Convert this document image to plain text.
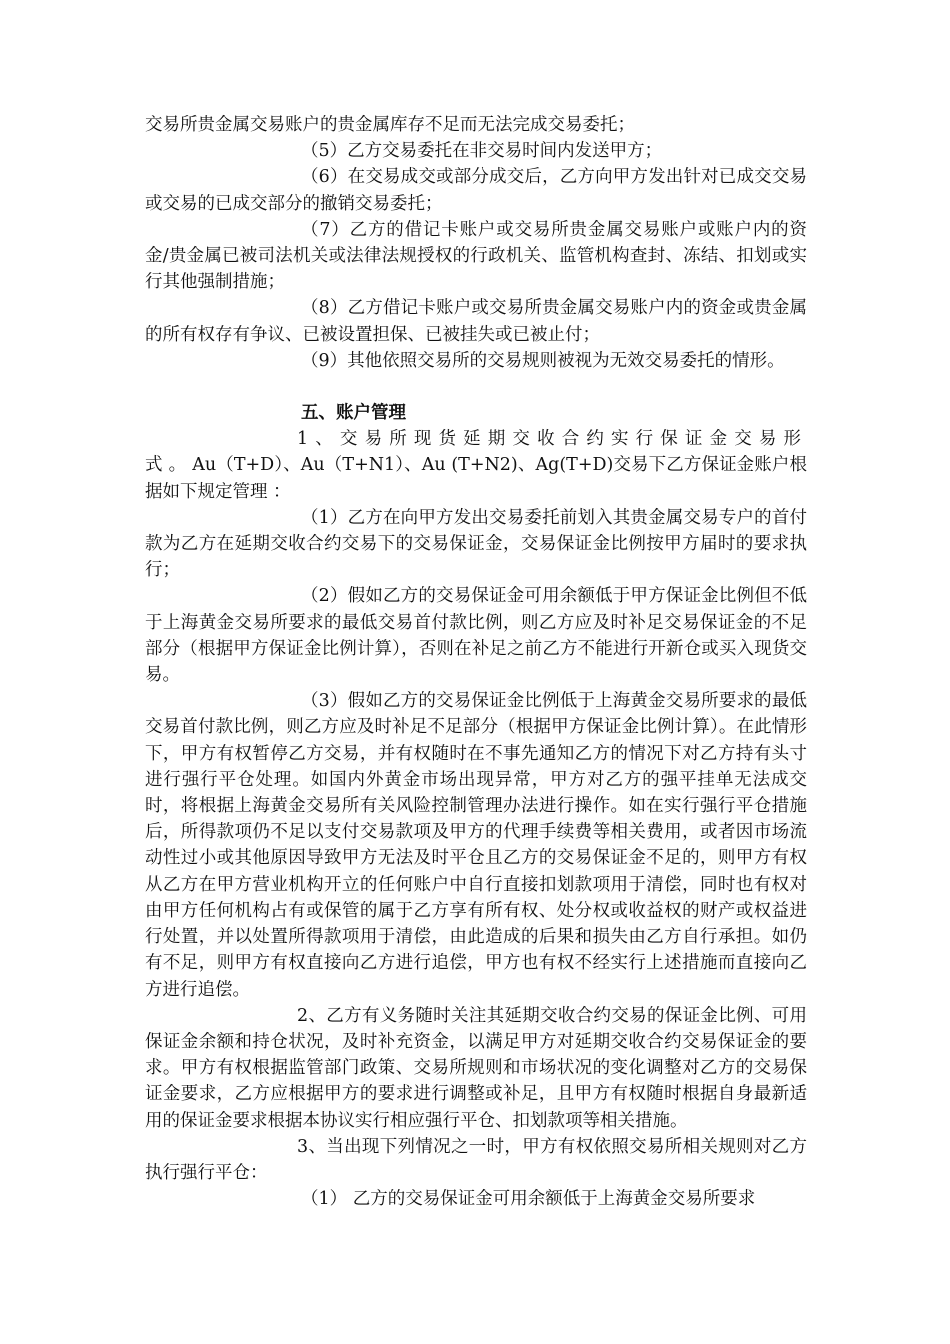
交易所贵金属交易账户的贵金属库存不足而无法完成交易委托；

（5）乙方交易委托在非交易时间内发送甲方；

（6）在交易成交或部分成交后，乙方向甲方发出针对已成交交易或交易的已成交部分的撤销交易委托；

（7）乙方的借记卡账户或交易所贵金属交易账户或账户内的资金/贵金属已被司法机关或法律法规授权的行政机关、监管机构查封、冻结、扣划或实行其他强制措施；

（8）乙方借记卡账户或交易所贵金属交易账户内的资金或贵金属的所有权存有争议、已被设置担保、已被挂失或已被止付；

（9）其他依照交易所的交易规则被视为无效交易委托的情形。

五、账户管理

1、交易所现货延期交收合约实行保证金交易形式。Au（T+D）、Au（T+N1）、Au (T+N2)、Ag(T+D)交易下乙方保证金账户根据如下规定管理 ：

（1）乙方在向甲方发出交易委托前划入其贵金属交易专户的首付款为乙方在延期交收合约交易下的交易保证金，交易保证金比例按甲方届时的要求执行；

（2）假如乙方的交易保证金可用余额低于甲方保证金比例但不低于上海黄金交易所要求的最低交易首付款比例，则乙方应及时补足交易保证金的不足部分（根据甲方保证金比例计算），否则在补足之前乙方不能进行开新仓或买入现货交易。

（3）假如乙方的交易保证金比例低于上海黄金交易所要求的最低交易首付款比例，则乙方应及时补足不足部分（根据甲方保证金比例计算）。在此情形下，甲方有权暂停乙方交易，并有权随时在不事先通知乙方的情况下对乙方持有头寸进行强行平仓处理。如国内外黄金市场出现异常，甲方对乙方的强平挂单无法成交时，将根据上海黄金交易所有关风险控制管理办法进行操作。如在实行强行平仓措施后，所得款项仍不足以支付交易款项及甲方的代理手续费等相关费用，或者因市场流动性过小或其他原因导致甲方无法及时平仓且乙方的交易保证金不足的，则甲方有权从乙方在甲方营业机构开立的任何账户中自行直接扣划款项用于清偿，同时也有权对由甲方任何机构占有或保管的属于乙方享有所有权、处分权或收益权的财产或权益进行处置，并以处置所得款项用于清偿，由此造成的后果和损失由乙方自行承担。如仍有不足，则甲方有权直接向乙方进行追偿，甲方也有权不经实行上述措施而直接向乙方进行追偿。

2、乙方有义务随时关注其延期交收合约交易的保证金比例、可用保证金余额和持仓状况，及时补充资金，以满足甲方对延期交收合约交易保证金的要求。甲方有权根据监管部门政策、交易所规则和市场状况的变化调整对乙方的交易保证金要求，乙方应根据甲方的要求进行调整或补足，且甲方有权随时根据自身最新适用的保证金要求根据本协议实行相应强行平仓、扣划款项等相关措施。

3、当出现下列情况之一时，甲方有权依照交易所相关规则对乙方执行强行平仓：

（1） 乙方的交易保证金可用余额低于上海黄金交易所要求
